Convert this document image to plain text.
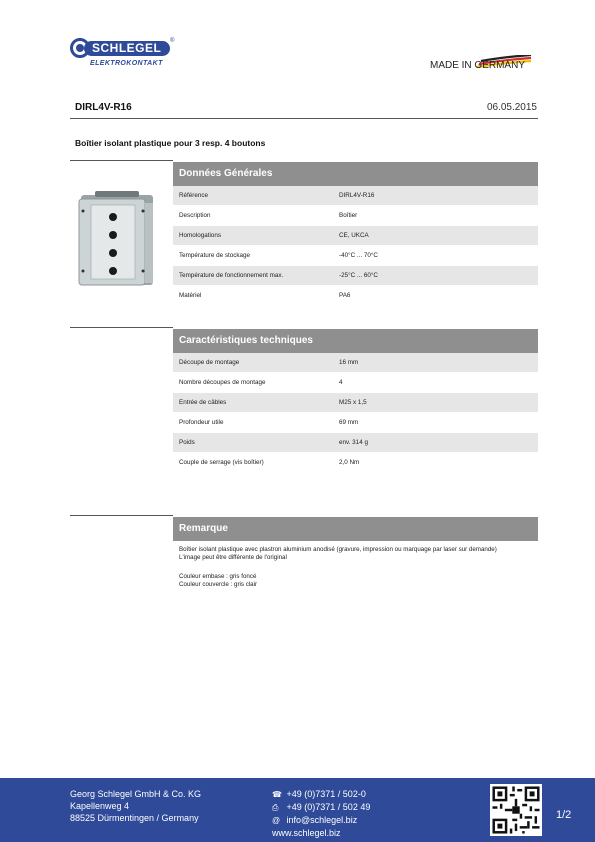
SCHLEGEL ®
ELEKTROKONTAKT	MADE IN GERMANY
DIRL4V-R16	06.05.2015
Boîtier isolant plastique pour 3 resp. 4 boutons
Données Générales
Référence	DIRL4V-R16
Description	Boîtier
Homologations	CE, UKCA
Température de stockage	-40°C ... 70°C
Température de fonctionnement max.	-25°C ... 60°C
Matériel	PA6
Caractéristiques techniques
Découpe de montage	16 mm
Nombre découpes de montage	4
Entrée de câbles	M25 x 1,5
Profondeur utile	69 mm
Poids	env. 314 g
Couple de serrage (vis boîtier)	2,0 Nm
Remarque
Boîtier isolant plastique avec plastron aluminium anodisé (gravure, impression ou marquage par laser sur demande)
L'image peut être différente de l'original
Couleur embase : gris foncé
Couleur couvercle : gris clair
Georg Schlegel GmbH & Co. KG
Kapellenweg 4
88525 Dürmentingen / Germany
☎ +49 (0)7371 / 502-0
⎙ +49 (0)7371 / 502 49
@ info@schlegel.biz
www.schlegel.biz
1/2
